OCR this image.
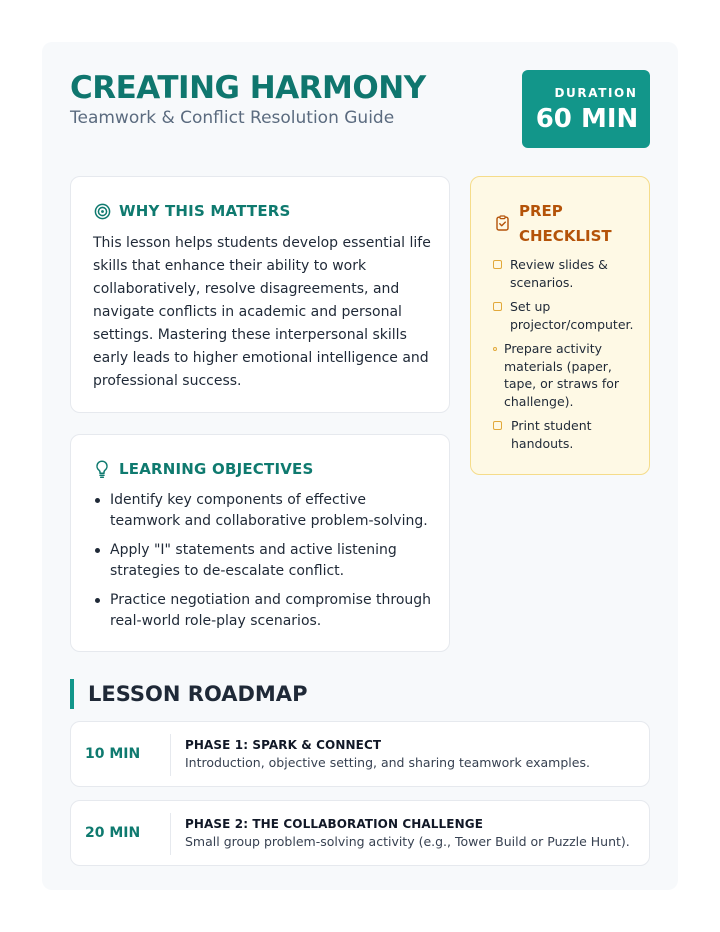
CREATING HARMONY
Teamwork & Conflict Resolution Guide
DURATION
60 MIN
WHY THIS MATTERS

This lesson helps students develop essential life skills that enhance their ability to work collaboratively, resolve disagreements, and navigate conflicts in academic and personal settings. Mastering these interpersonal skills early leads to higher emotional intelligence and professional success.

LEARNING OBJECTIVES
Identify key components of effective teamwork and collaborative problem-solving.
Apply "I" statements and active listening strategies to de-escalate conflict.
Practice negotiation and compromise through real-world role-play scenarios.
PREP CHECKLIST
Review slides & scenarios.
Set up projector/computer.
Prepare activity materials (paper, tape, or straws for challenge).
Print student handouts.
LESSON ROADMAP
10 MIN
PHASE 1: SPARK & CONNECT
Introduction, objective setting, and sharing teamwork examples.
20 MIN
PHASE 2: THE COLLABORATION CHALLENGE
Small group problem-solving activity (e.g., Tower Build or Puzzle Hunt).
